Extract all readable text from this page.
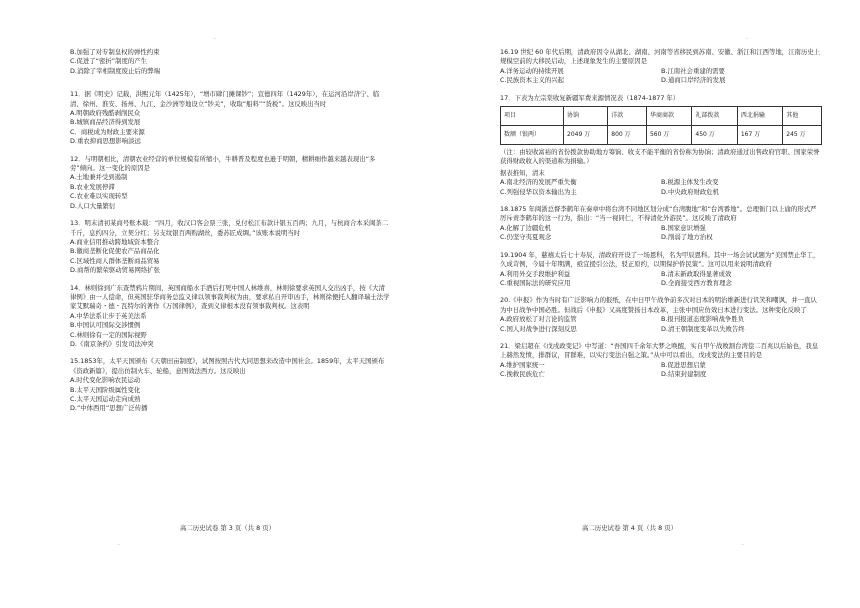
.
B.加强了对专制皇权的弹性约束
C.促进了“密折”制度的产生
D.消除了宰相制度废止后的弊端
11．据《明史》记载，洪熙元年（1425年），“增市肆门摊课钞”；宣德四年（1429年），在运河沿岸济宁、临清、徐州、淮安、扬州、九江、金沙洲等地设立“钞关”，收取“船料”“货税”。这反映出当时
A.明朝政府残酷剥削民众
B.城镇商品经济得到发展
C．商税成为财政主要来源
D.重农抑商思想影响淡远
12．与明朝相比，清朝农业经营的单位规模有所缩小，牛耕普及程度也逊于明朝，精耕细作越来越表现出“多劳”倾向。这一变化的原因是
A.土地兼并受到遏制
B.农业发展停滞
C.农业难以实现转型
D.人口大量繁衍
13．明末清初某商号账本载：“四月，收汉口客会票三张，兑付松江布款计银五百两；九月，与杭商合本采闽茶二千斤，息约四分，立契分红；另支纹银百两购湖丝，委苏匠成绸。”该账本说明当时
A.商业信用推动跨地域资本整合
B.徽商垄断化促使农产品商品化
C.区域性商人群体垄断商品贸易
D.商帮的繁荣驱动贸易网络扩张
14．林则徐到广东查禁鸦片期间，英国商船水手酒后打死中国人林维喜，林则徐要求英国人交出凶手，按《大清律例》由一人偿命，但英国驻华商务总监义律以领事裁判权为由，要求私自开审凶手，林则徐便托人翻译瑞士法学家艾默瑞奇・德・瓦特尔的著作《万国律例》，查到义律根本没有领事裁判权。这表明
A.中华法系让步于英美法系
B.中国认可国际交涉惯例
C.林则徐有一定的国际视野
D.《南京条约》引发司法冲突
15.1853年，太平天国颁布《天朝田亩制度》，试图按照古代大同思想来改造中国社会。1859年，太平天国颁布《资政新篇》，提出仿制火车、轮船，意图效法西方。这反映出
A.时代变化影响农民运动
B.太平天国阶级属性变化
C.太平天国运动走向成熟
D.“中体西用”思想广泛传播
高二历史试卷 第 3 页（共 8 页）
.
.
16.19 世纪 60 年代后期，清政府因令从湖北、湖南、河南等省移民到苏南、安徽、浙江和江西等地，江南历史上规模空前的大移民启动，上述现象发生的主要原因是
A.洋务运动的持续开展	B.江南社会重建的需要
C.民族资本主义的兴起	D.通商口岸经济的发展
17．下表为左宗棠收复新疆军费来源情况表（1874-1877 年）
项目	协饷	洋款	华商商款	礼部拨款	西北捐输	其他
数额（银两）	2049 万	800 万	560 万	450 万	167 万	245 万
（注：由较收富裕的省份拨款协助地方筹饷、收支不能平衡的省份称为协饷；清政府通过出售政府官职、国家荣誉获得财政收入的渠道称为捐输。）
据表推知，清末
A.南北经济的发展严重失衡	B.税源主体发生改变
C.列强侵华以资本输出为主	D.中央政府财政危机
18.1875 年闽浙总督李鹤年在奏章中将台湾不同地区划分成“台湾腹地”和“台湾番地”。总理衙门以上谕的形式严厉斥责李鹤年的这一行为，指出：“当一视同仁，不得清化外游民”。这反映了清政府
A.化解了边疆危机	B.国家意识增强
C.仍坚守夷夏观念	D.削弱了地方治权
19.1904 年，慈禧太后七十寿辰，清政府开设了一场恩科，名为甲辰恩科。其中一场会试试题为“美国禁止华工，久成苛例，今届十年期满，亟宜援引公法，驳正原约，以期保护侨民策”。这可以用来说明清政府
A.利用外交手段维护利益	B.清末新政取得显著成效
C.重视国际法的研究应用	D.全面接受西方教育理念
20.《申报》作为当时有广泛影响力的报纸，在中日甲午战争前多次对日本的明治维新进行讥笑和嘲讽，并一直认为中日战争中国必胜。但战后《申报》又高度赞扬日本改革，主张中国应仿效日本进行变法。这种变化反映了
A.政府放松了对言论的监管	B.报刊报道态度影响战争胜负
C.国人对战争进行深刻反思	D.清王朝制度变革以失败告终
21．梁启超在《戊戌政变记》中写道：“吾国四千余年大梦之唤醒，实自甲午战败割台湾偿二百兆以后始也，我皇上赫然发愤，排群议，冒群难，以实行变法自强之策。”从中可以看出，戊戌变法的主要目的是
A.维护国家统一	B.促进思想启蒙
C.挽救民族危亡	D.结束封建制度
高二历史试卷 第 4 页（共 8 页）
.
